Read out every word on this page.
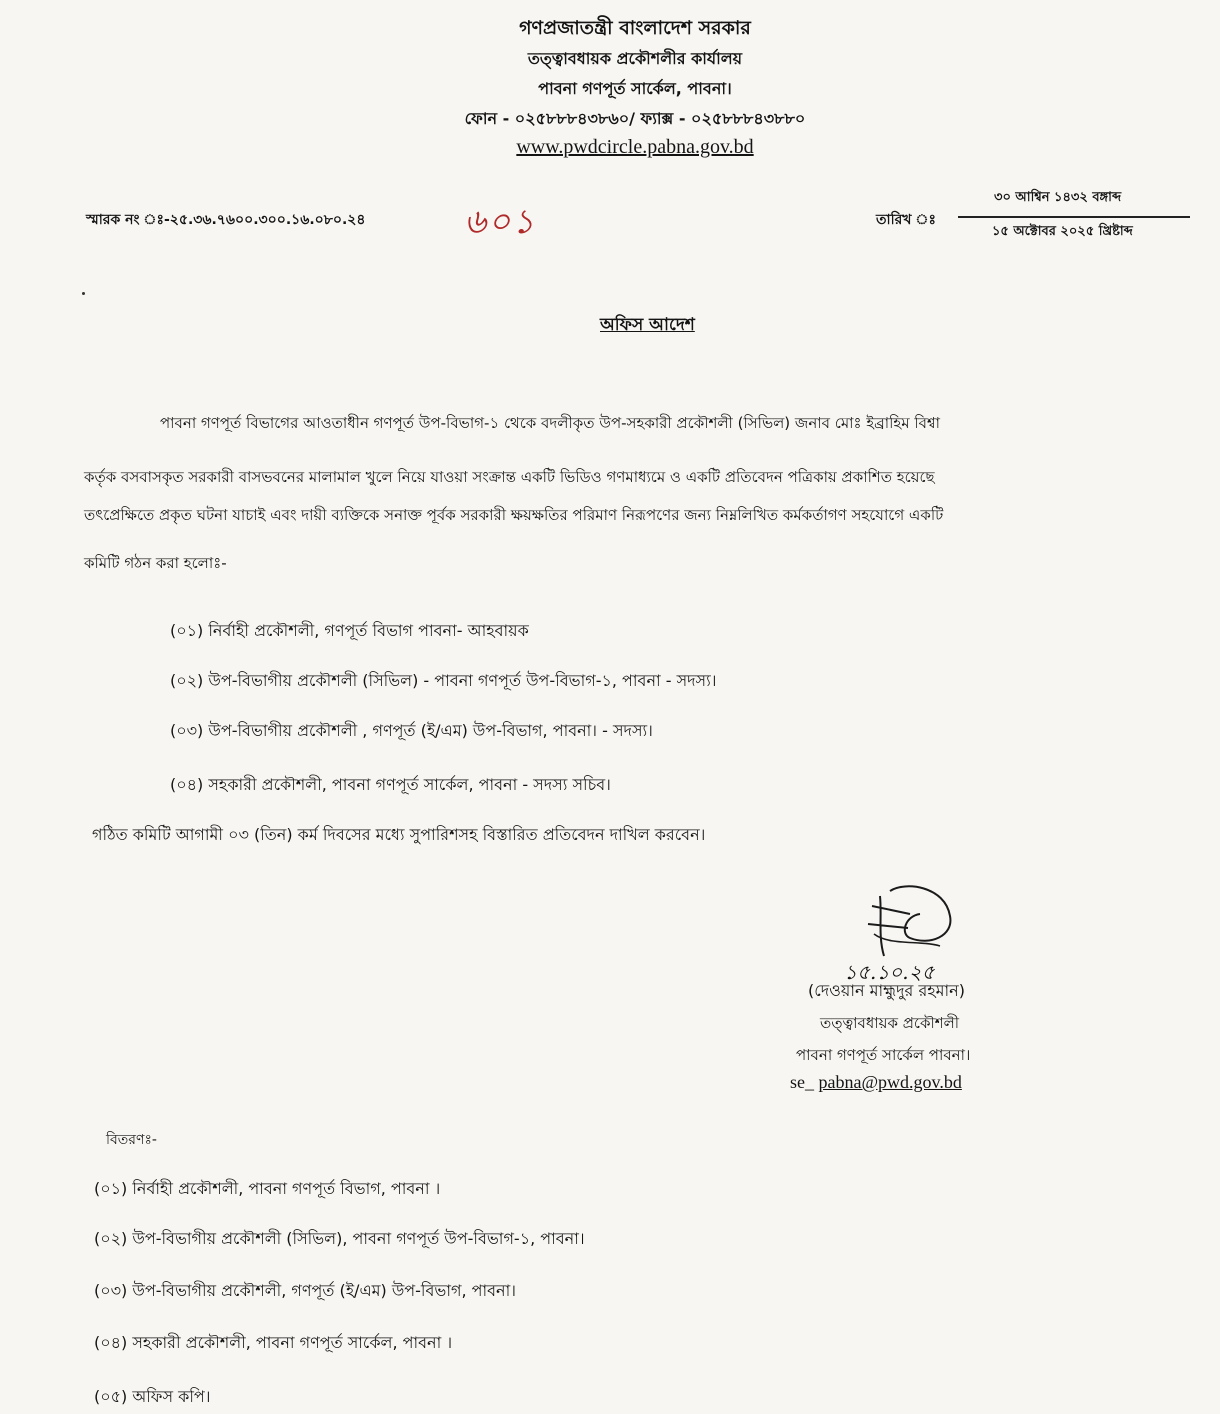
গণপ্রজাতন্ত্রী বাংলাদেশ সরকার
তত্ত্বাবধায়ক প্রকৌশলীর কার্যালয়
পাবনা গণপূর্ত সার্কেল, পাবনা।
ফোন - ০২৫৮৮৮৪৩৮৬০/ ফ্যাক্স - ০২৫৮৮৮৪৩৮৮০
www.pwdcircle.pabna.gov.bd
স্মারক নং ঃ-২৫.৩৬.৭৬০০.৩০০.১৬.০৮০.২৪	৬০১	তারিখ ঃ
৩০ আশ্বিন ১৪৩২ বঙ্গাব্দ
১৫ অক্টোবর ২০২৫ খ্রিষ্টাব্দ
অফিস আদেশ
পাবনা গণপূর্ত বিভাগের আওতাধীন গণপূর্ত উপ-বিভাগ-১ থেকে বদলীকৃত উপ-সহকারী প্রকৌশলী (সিভিল) জনাব মোঃ ইব্রাহিম বিশ্বা
কর্তৃক বসবাসকৃত সরকারী বাসভবনের মালামাল খুলে নিয়ে যাওয়া সংক্রান্ত একটি ভিডিও গণমাধ্যমে ও একটি প্রতিবেদন পত্রিকায় প্রকাশিত হয়েছে
তৎপ্রেক্ষিতে প্রকৃত ঘটনা যাচাই এবং দায়ী ব্যক্তিকে সনাক্ত পূর্বক সরকারী ক্ষয়ক্ষতির পরিমাণ নিরূপণের জন্য নিম্নলিখিত কর্মকর্তাগণ সহযোগে একটি
কমিটি গঠন করা হলোঃ-
(০১) নির্বাহী প্রকৌশলী, গণপূর্ত বিভাগ পাবনা- আহবায়ক
(০২) উপ-বিভাগীয় প্রকৌশলী (সিভিল) - পাবনা গণপূর্ত উপ-বিভাগ-১, পাবনা - সদস্য।
(০৩) উপ-বিভাগীয় প্রকৌশলী , গণপূর্ত (ই/এম) উপ-বিভাগ, পাবনা। - সদস্য।
(০৪) সহকারী প্রকৌশলী, পাবনা গণপূর্ত সার্কেল, পাবনা - সদস্য সচিব।
গঠিত কমিটি আগামী ০৩ (তিন) কর্ম দিবসের মধ্যে সুপারিশসহ বিস্তারিত প্রতিবেদন দাখিল করবেন।
১৫.১০.২৫
(দেওয়ান মাহ্মুদুর রহমান)
তত্ত্বাবধায়ক প্রকৌশলী
পাবনা গণপূর্ত সার্কেল পাবনা।
se_ pabna@pwd.gov.bd
বিতরণঃ-
(০১) নির্বাহী প্রকৌশলী, পাবনা গণপূর্ত বিভাগ, পাবনা ।
(০২) উপ-বিভাগীয় প্রকৌশলী (সিভিল), পাবনা গণপূর্ত উপ-বিভাগ-১, পাবনা।
(০৩) উপ-বিভাগীয় প্রকৌশলী, গণপূর্ত (ই/এম) উপ-বিভাগ, পাবনা।
(০৪) সহকারী প্রকৌশলী, পাবনা গণপূর্ত সার্কেল, পাবনা ।
(০৫) অফিস কপি।
